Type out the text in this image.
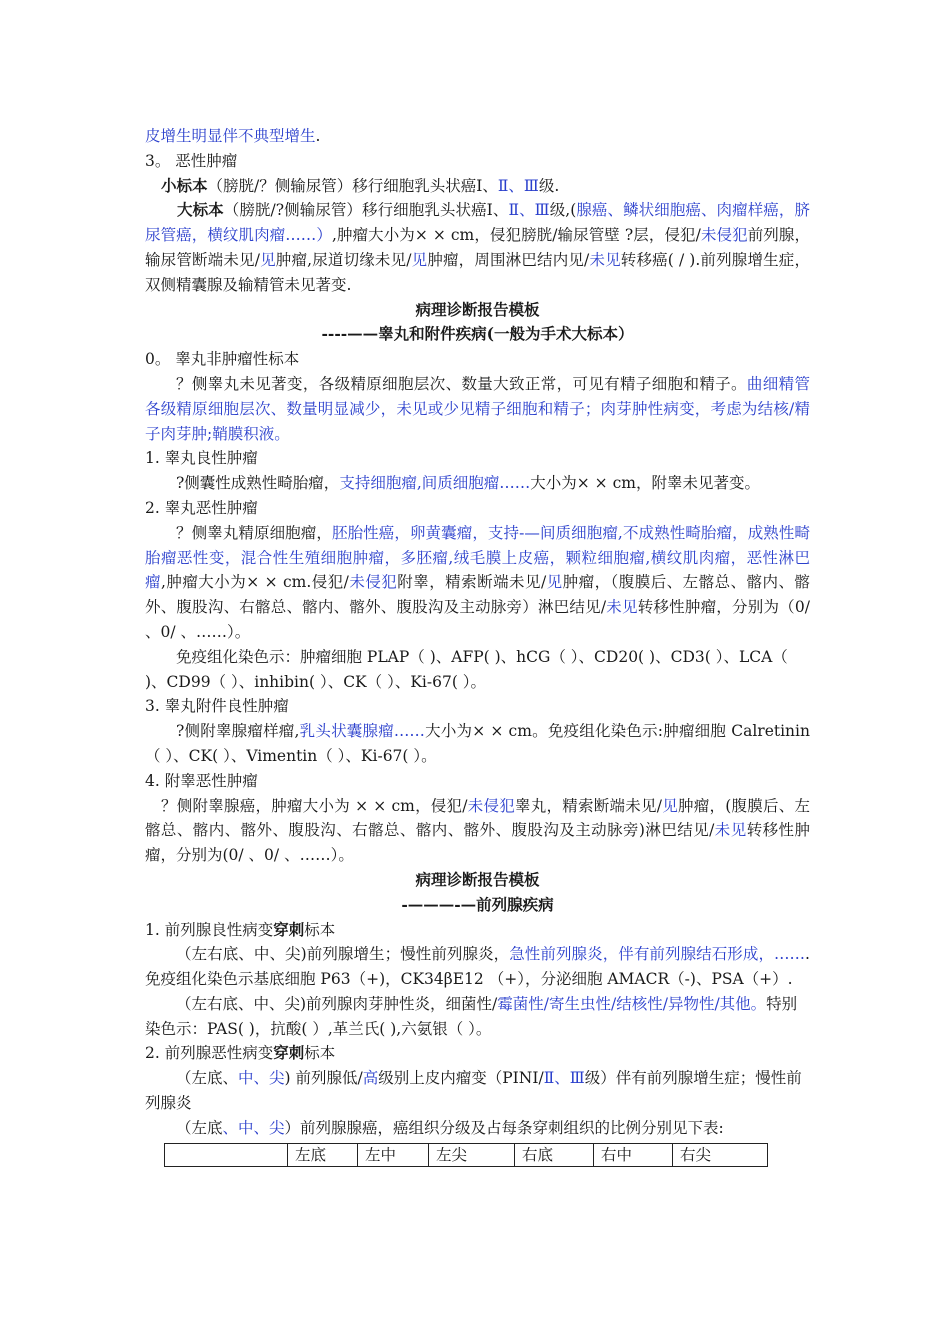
皮增生明显伴不典型增生.

3。 恶性肿瘤

小标本（膀胱/？侧输尿管）移行细胞乳头状癌Ⅰ、Ⅱ、Ⅲ级.

大标本（膀胱/?侧输尿管）移行细胞乳头状癌Ⅰ、Ⅱ、Ⅲ级,(腺癌、鳞状细胞癌、肉瘤样癌，脐尿管癌，横纹肌肉瘤……）,肿瘤大小为× × cm，侵犯膀胱/输尿管壁 ?层，侵犯/未侵犯前列腺，输尿管断端未见/见肿瘤,尿道切缘未见/见肿瘤，周围淋巴结内见/未见转移癌( / ).前列腺增生症，双侧精囊腺及输精管未见著变.

病理诊断报告模板

----——睾丸和附件疾病(一般为手术大标本）

0。 睾丸非肿瘤性标本

？侧睾丸未见著变，各级精原细胞层次、数量大致正常，可见有精子细胞和精子。曲细精管各级精原细胞层次、数量明显减少，未见或少见精子细胞和精子；肉芽肿性病变，考虑为结核/精子肉芽肿;鞘膜积液。

1. 睾丸良性肿瘤

?侧囊性成熟性畸胎瘤，支持细胞瘤,间质细胞瘤……大小为× × cm，附睾未见著变。

2. 睾丸恶性肿瘤

？侧睾丸精原细胞瘤，胚胎性癌，卵黄囊瘤，支持-—间质细胞瘤,不成熟性畸胎瘤，成熟性畸胎瘤恶性变，混合性生殖细胞肿瘤，多胚瘤,绒毛膜上皮癌，颗粒细胞瘤,横纹肌肉瘤，恶性淋巴瘤,肿瘤大小为× × cm.侵犯/未侵犯附睾，精索断端未见/见肿瘤，（腹膜后、左髂总、髂内、髂外、腹股沟、右髂总、髂内、髂外、腹股沟及主动脉旁）淋巴结见/未见转移性肿瘤，分别为（0/ 、0/ 、……）。

免疫组化染色示：肿瘤细胞 PLAP（ )、AFP( )、hCG（ ）、CD20( )、CD3( ）、LCA（ )、CD99（ ）、inhibin( ）、CK（ ）、Ki-67( ）。

3. 睾丸附件良性肿瘤

?侧附睾腺瘤样瘤,乳头状囊腺瘤……大小为× × cm。免疫组化染色示:肿瘤细胞 Calretinin（ ）、CK( ）、Vimentin（ ）、Ki-67( ）。

4. 附睾恶性肿瘤

？侧附睾腺癌，肿瘤大小为 × × cm，侵犯/未侵犯睾丸，精索断端未见/见肿瘤，(腹膜后、左髂总、髂内、髂外、腹股沟、右髂总、髂内、髂外、腹股沟及主动脉旁)淋巴结见/未见转移性肿瘤，分别为(0/ 、0/ 、……）。

病理诊断报告模板

-———-—前列腺疾病

1. 前列腺良性病变穿刺标本

（左右底、中、尖)前列腺增生；慢性前列腺炎，急性前列腺炎，伴有前列腺结石形成，……. 免疫组化染色示基底细胞 P63（+)，CK34βE12 （+），分泌细胞 AMACR（-)、PSA（+）.

（左右底、中、尖)前列腺肉芽肿性炎，细菌性/霉菌性/寄生虫性/结核性/异物性/其他。特别染色示：PAS( )，抗酸( ）,革兰氏( ),六氨银（ ）。

2. 前列腺恶性病变穿刺标本

（左底、中、尖) 前列腺低/高级别上皮内瘤变（PINI/Ⅱ、Ⅲ级）伴有前列腺增生症；慢性前列腺炎

（左底、中、尖）前列腺腺癌，癌组织分级及占每条穿刺组织的比例分别见下表:

	左底	左中	左尖	右底	右中	右尖
